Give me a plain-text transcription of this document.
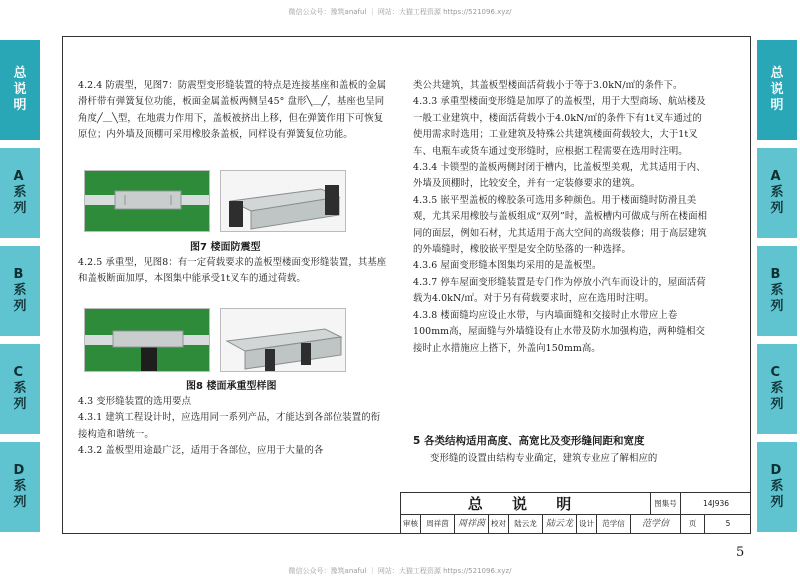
微信公众号：豫筑anaful ｜ 网站：大猫工程资源 https://521096.xyz/
总
说
明
A
系
列
B
系
列
C
系
列
D
系
列
总
说
明
A
系
列
B
系
列
C
系
列
D
系
列

4.2.4 防震型，见图7：防震型变形缝装置的特点是连接基座和盖板的金属滑杆带有弹簧复位功能，板面金属盖板两侧呈45° 盘形╲＿╱，基座也呈同角度╱＿╲型，在地震力作用下，盖板被挤出上移，但在弹簧作用下可恢复原位；内外墙及顶棚可采用橡胶条盖板，同样设有弹簧复位功能。

图7 楼面防震型

4.2.5 承重型，见图8：有一定荷载要求的盖板型楼面变形缝装置，其基座和盖板断面加厚，本图集中能承受1t叉车的通过荷载。

图8 楼面承重型样图

4.3 变形缝装置的选用要点

4.3.1 建筑工程设计时，应选用同一系列产品，才能达到各部位装置的衔接构造和谐统一。

4.3.2 盖板型用途最广泛，适用于各部位，应用于大量的各

类公共建筑，其盖板型楼面活荷载小于等于3.0kN/㎡的条件下。

4.3.3 承重型楼面变形缝是加厚了的盖板型，用于大型商场、航站楼及一般工业建筑中，楼面活荷载小于4.0kN/㎡的条件下有1t叉车通过的使用需求时选用；工业建筑及特殊公共建筑楼面荷载较大，大于1t叉车、电瓶车或货车通过变形缝时，应根据工程需要在选用时注明。

4.3.4 卡锁型的盖板两侧封闭于槽内，比盖板型美观，尤其适用于内、外墙及顶棚时，比较安全，并有一定装修要求的建筑。

4.3.5 嵌平型盖板的橡胶条可选用多种颜色。用于楼面缝时防滑且美观，尤其采用橡胶与盖板组成“双列”时，盖板槽内可做成与所在楼面相同的面层，例如石材，尤其适用于高大空间的高级装修；用于高层建筑的外墙缝时，橡胶嵌平型是安全防坠落的一种选择。

4.3.6 屋面变形缝本图集均采用的是盖板型。

4.3.7 停车屋面变形缝装置是专门作为停放小汽车而设计的，屋面活荷载为4.0kN/㎡。对于另有荷载要求时，应在选用时注明。

4.3.8 楼面缝均应设止水带，与内墙面缝和交接时止水带应上卷100mm高，屋面缝与外墙缝设有止水带及防水加强构造，两种缝相交接时止水措施应上搭下，外盖向150mm高。

5 各类结构适用高度、高宽比及变形缝间距和宽度

变形缝的设置由结构专业确定，建筑专业应了解相应的

总 说 明	图集号	14J936
审核	周祥茵	周祥茵 校对	陆云龙	陆云龙 设计	范学信	范学信	页	5
5
微信公众号：豫筑anaful ｜ 网站：大猫工程资源 https://521096.xyz/
